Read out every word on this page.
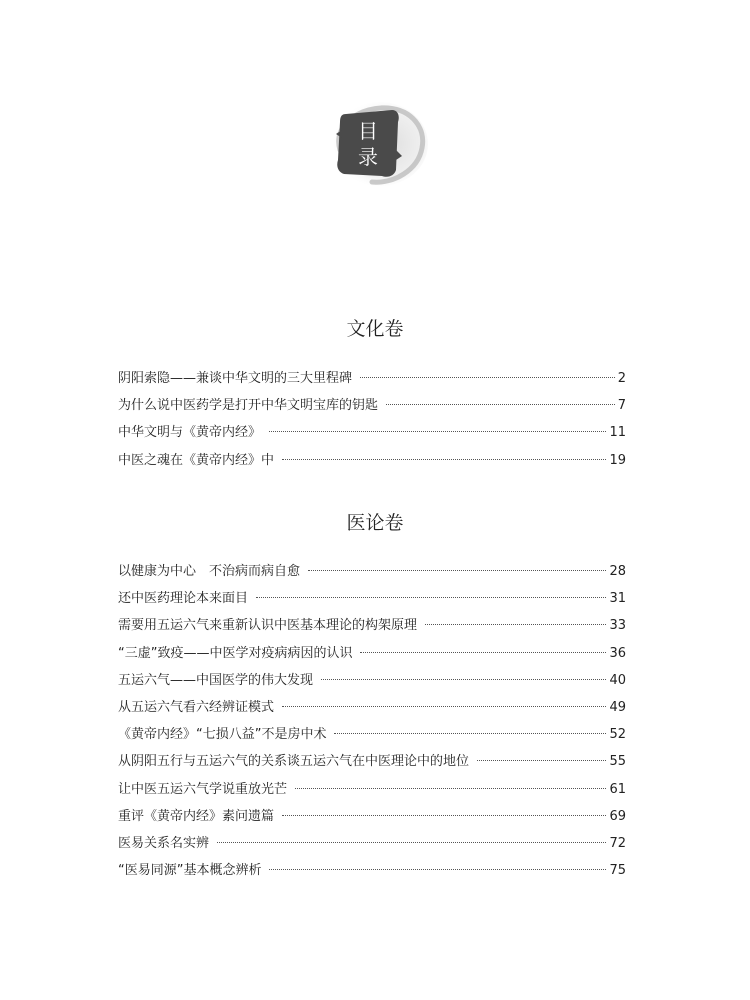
目
录
文化卷
阴阳索隐——兼谈中华文明的三大里程碑	2
为什么说中医药学是打开中华文明宝库的钥匙	7
中华文明与《黄帝内经》	11
中医之魂在《黄帝内经》中	19
医论卷
以健康为中心　不治病而病自愈	28
还中医药理论本来面目	31
需要用五运六气来重新认识中医基本理论的构架原理	33
“三虚”致疫——中医学对疫病病因的认识	36
五运六气——中国医学的伟大发现	40
从五运六气看六经辨证模式	49
《黄帝内经》“七损八益”不是房中术	52
从阴阳五行与五运六气的关系谈五运六气在中医理论中的地位	55
让中医五运六气学说重放光芒	61
重评《黄帝内经》素问遗篇	69
医易关系名实辨	72
“医易同源”基本概念辨析	75
